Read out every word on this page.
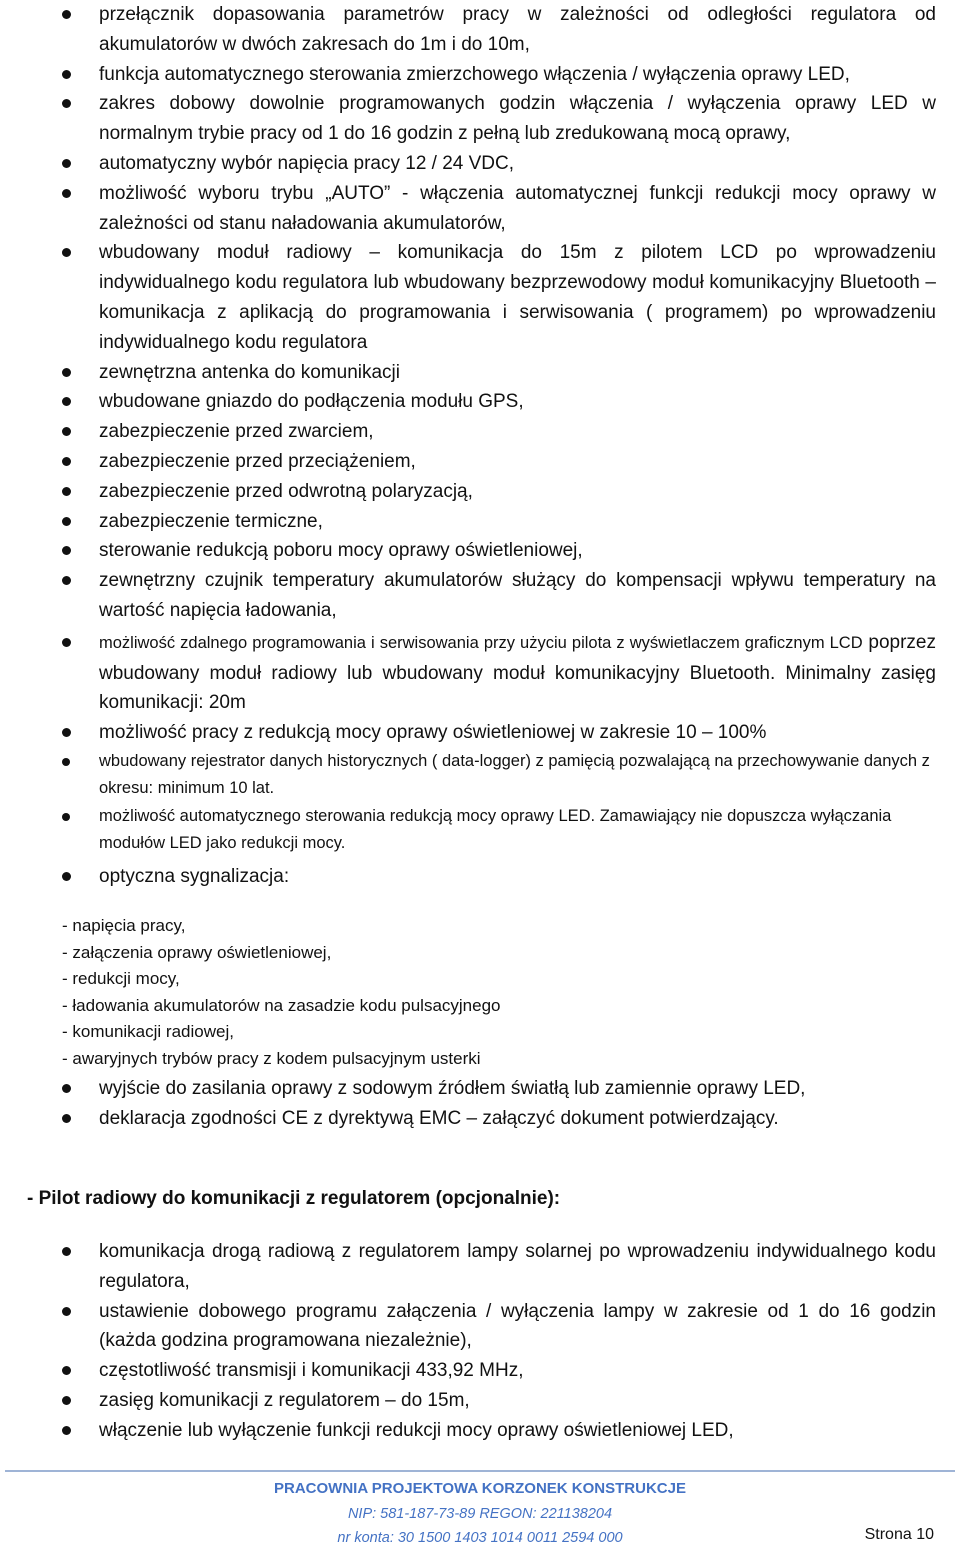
przełącznik dopasowania parametrów pracy w zależności od odległości regulatora od akumulatorów w dwóch zakresach do 1m i do 10m,
funkcja automatycznego sterowania zmierzchowego włączenia / wyłączenia oprawy LED,
zakres dobowy dowolnie programowanych godzin włączenia / wyłączenia oprawy LED w normalnym trybie pracy od 1 do 16 godzin z pełną lub zredukowaną mocą oprawy,
automatyczny wybór napięcia pracy 12 / 24 VDC,
możliwość wyboru trybu „AUTO” - włączenia automatycznej funkcji redukcji mocy oprawy w zależności od stanu naładowania akumulatorów,
wbudowany moduł radiowy – komunikacja do 15m z pilotem LCD po wprowadzeniu indywidualnego kodu regulatora lub wbudowany bezprzewodowy moduł komunikacyjny Bluetooth – komunikacja z aplikacją do programowania i serwisowania ( programem) po wprowadzeniu indywidualnego kodu regulatora
zewnętrzna antenka do komunikacji
wbudowane gniazdo do podłączenia modułu GPS,
zabezpieczenie przed zwarciem,
zabezpieczenie przed przeciążeniem,
zabezpieczenie przed odwrotną polaryzacją,
zabezpieczenie termiczne,
sterowanie redukcją poboru mocy oprawy oświetleniowej,
zewnętrzny czujnik temperatury akumulatorów służący do kompensacji wpływu temperatury na wartość napięcia ładowania,
możliwość zdalnego programowania i serwisowania przy użyciu pilota z wyświetlaczem graficznym LCD poprzez wbudowany moduł radiowy lub wbudowany moduł komunikacyjny Bluetooth. Minimalny zasięg komunikacji: 20m
możliwość pracy z redukcją mocy oprawy oświetleniowej w zakresie 10 – 100%
wbudowany rejestrator danych historycznych ( data-logger) z pamięcią pozwalającą na przechowywanie danych z okresu: minimum 10 lat.
możliwość automatycznego sterowania redukcją mocy oprawy LED. Zamawiający nie dopuszcza wyłączania modułów LED jako redukcji mocy.
optyczna sygnalizacja:
- napięcia pracy,
- załączenia oprawy oświetleniowej,
- redukcji mocy,
- ładowania akumulatorów na zasadzie kodu pulsacyjnego
- komunikacji radiowej,
- awaryjnych trybów pracy z kodem pulsacyjnym usterki
wyjście do zasilania oprawy z sodowym źródłem światłą lub zamiennie oprawy LED,
deklaracja zgodności CE z dyrektywą EMC – załączyć dokument potwierdzający.
- Pilot radiowy do komunikacji z regulatorem (opcjonalnie):
komunikacja drogą radiową z regulatorem lampy solarnej po wprowadzeniu indywidualnego kodu regulatora,
ustawienie dobowego programu załączenia / wyłączenia lampy w zakresie od 1 do 16 godzin (każda godzina programowana niezależnie),
częstotliwość transmisji i komunikacji 433,92 MHz,
zasięg komunikacji z regulatorem – do 15m,
włączenie lub wyłączenie funkcji redukcji mocy oprawy oświetleniowej LED,
PRACOWNIA PROJEKTOWA KORZONEK KONSTRUKCJE
NIP: 581-187-73-89 REGON: 221138204
nr konta: 30 1500 1403 1014 0011 2594 000	Strona 10
